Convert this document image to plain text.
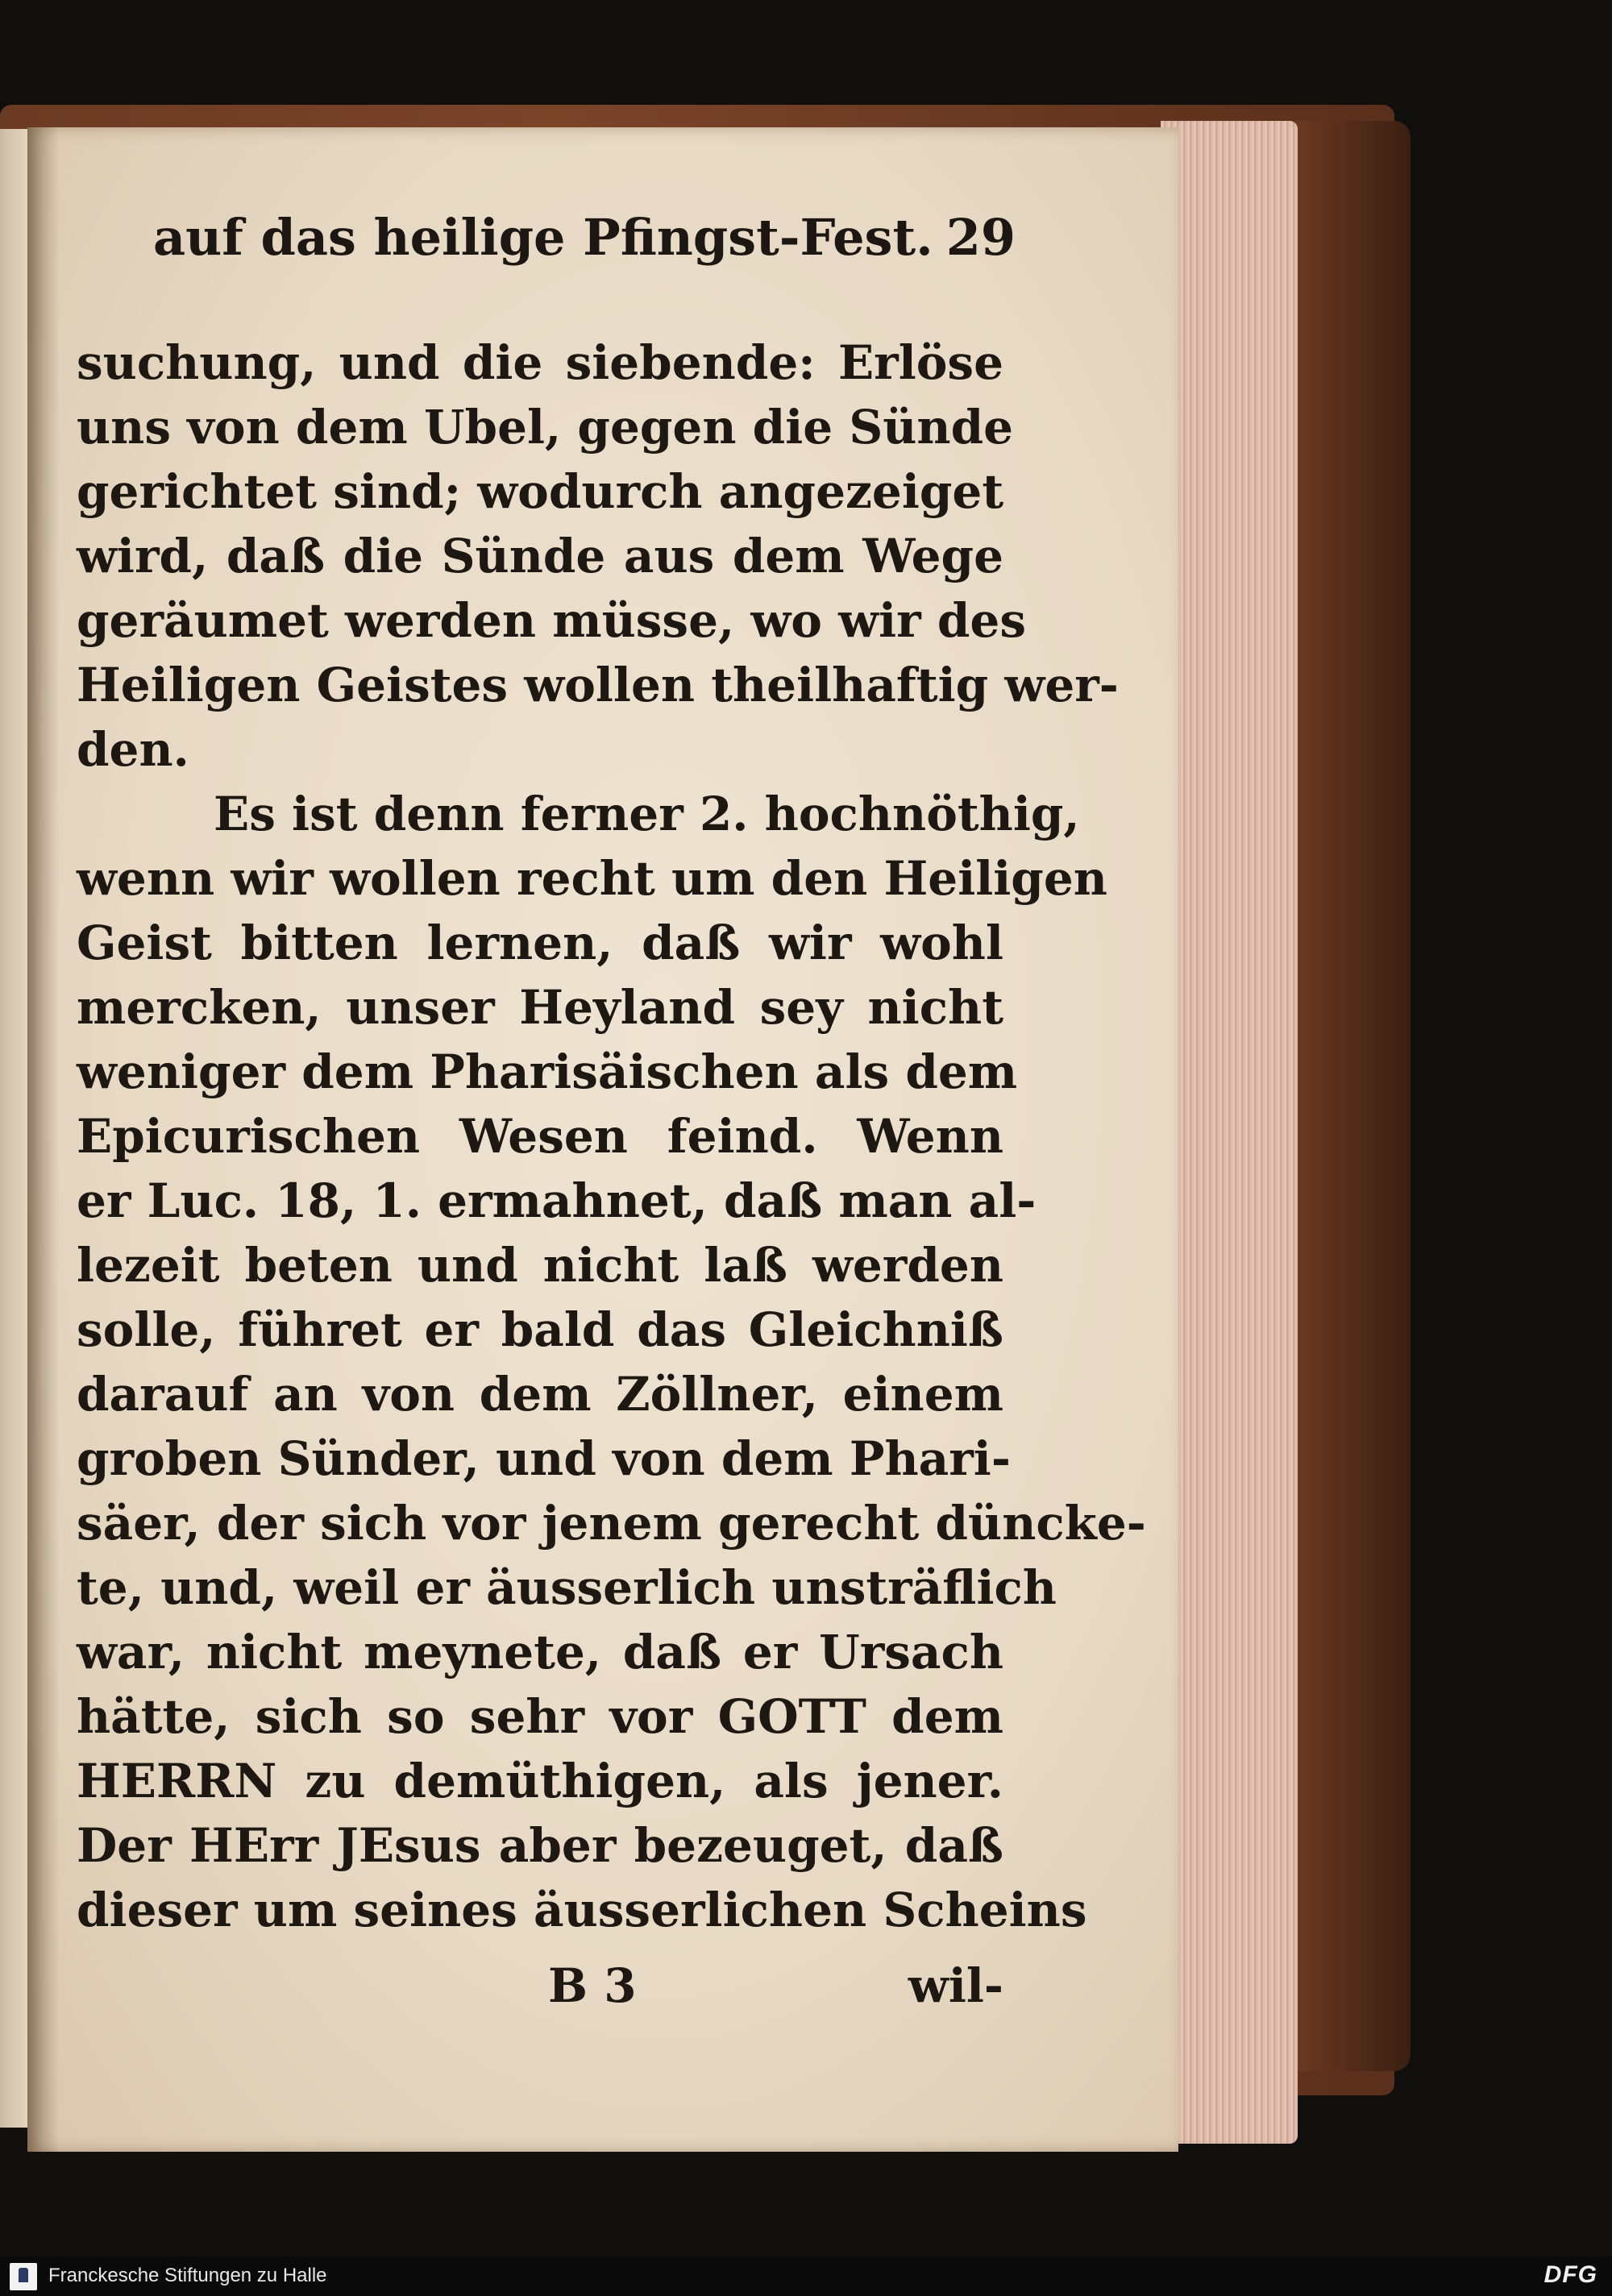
auf das heilige Pfingst-Fest. 29
suchung, und die siebende: Erlöse
uns von dem Ubel, gegen die Sünde
gerichtet sind; wodurch angezeiget
wird, daß die Sünde aus dem Wege
geräumet werden müsse, wo wir des
Heiligen Geistes wollen theilhaftig wer-
den.
Es ist denn ferner 2. hochnöthig,
wenn wir wollen recht um den Heiligen
Geist bitten lernen, daß wir wohl
mercken, unser Heyland sey nicht
weniger dem Pharisäischen als dem
Epicurischen Wesen feind. Wenn
er Luc. 18, 1. ermahnet, daß man al-
lezeit beten und nicht laß werden
solle, führet er bald das Gleichniß
darauf an von dem Zöllner, einem
groben Sünder, und von dem Phari-
säer, der sich vor jenem gerecht düncke-
te, und, weil er äusserlich unsträflich
war, nicht meynete, daß er Ursach
hätte, sich so sehr vor GOTT dem
HERRN zu demüthigen, als jener.
Der HErr JEsus aber bezeuget, daß
dieser um seines äusserlichen Scheins
B 3	wil-
Franckesche Stiftungen zu Halle	DFG
